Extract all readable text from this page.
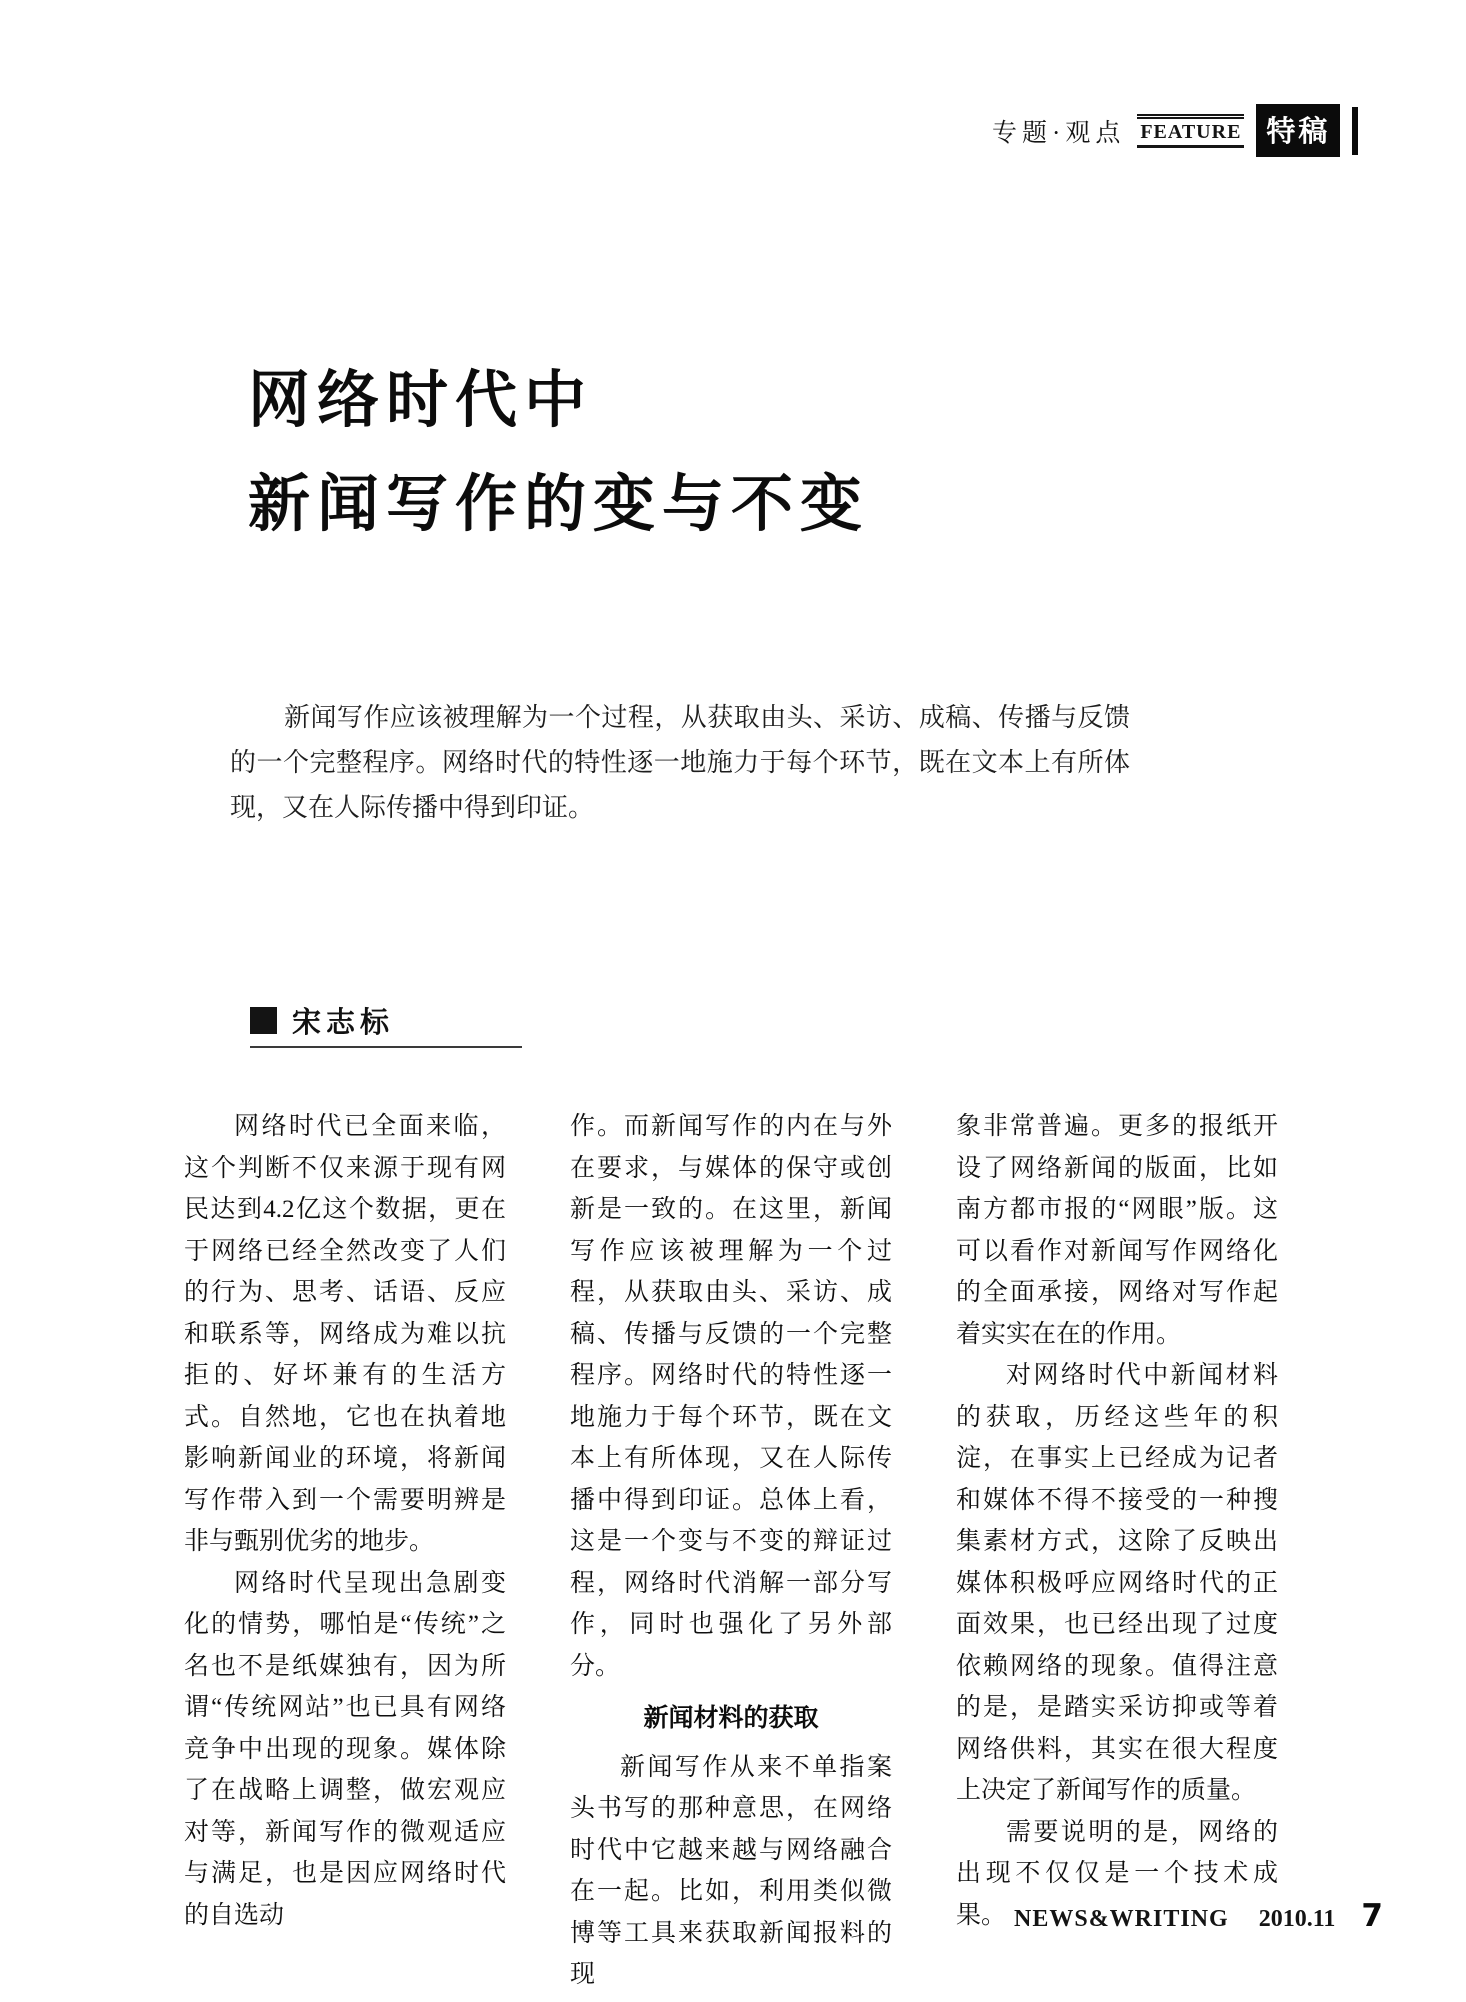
专题·观点 FEATURE 特稿
网络时代中
新闻写作的变与不变
新闻写作应该被理解为一个过程，从获取由头、采访、成稿、传播与反馈的一个完整程序。网络时代的特性逐一地施力于每个环节，既在文本上有所体现，又在人际传播中得到印证。
宋志标

网络时代已全面来临，这个判断不仅来源于现有网民达到4.2亿这个数据，更在于网络已经全然改变了人们的行为、思考、话语、反应和联系等，网络成为难以抗拒的、好坏兼有的生活方式。自然地，它也在执着地影响新闻业的环境，将新闻写作带入到一个需要明辨是非与甄别优劣的地步。

网络时代呈现出急剧变化的情势，哪怕是“传统”之名也不是纸媒独有，因为所谓“传统网站”也已具有网络竞争中出现的现象。媒体除了在战略上调整，做宏观应对等，新闻写作的微观适应与满足，也是因应网络时代的自选动

作。而新闻写作的内在与外在要求，与媒体的保守或创新是一致的。在这里，新闻写作应该被理解为一个过程，从获取由头、采访、成稿、传播与反馈的一个完整程序。网络时代的特性逐一地施力于每个环节，既在文本上有所体现，又在人际传播中得到印证。总体上看，这是一个变与不变的辩证过程，网络时代消解一部分写作，同时也强化了另外部分。

新闻材料的获取

新闻写作从来不单指案头书写的那种意思，在网络时代中它越来越与网络融合在一起。比如，利用类似微博等工具来获取新闻报料的现

象非常普遍。更多的报纸开设了网络新闻的版面，比如南方都市报的“网眼”版。这可以看作对新闻写作网络化的全面承接，网络对写作起着实实在在的作用。

对网络时代中新闻材料的获取，历经这些年的积淀，在事实上已经成为记者和媒体不得不接受的一种搜集素材方式，这除了反映出媒体积极呼应网络时代的正面效果，也已经出现了过度依赖网络的现象。值得注意的是，是踏实采访抑或等着网络供料，其实在很大程度上决定了新闻写作的质量。

需要说明的是，网络的出现不仅仅是一个技术成果。 NEWS&WRITING 2010.11 7
